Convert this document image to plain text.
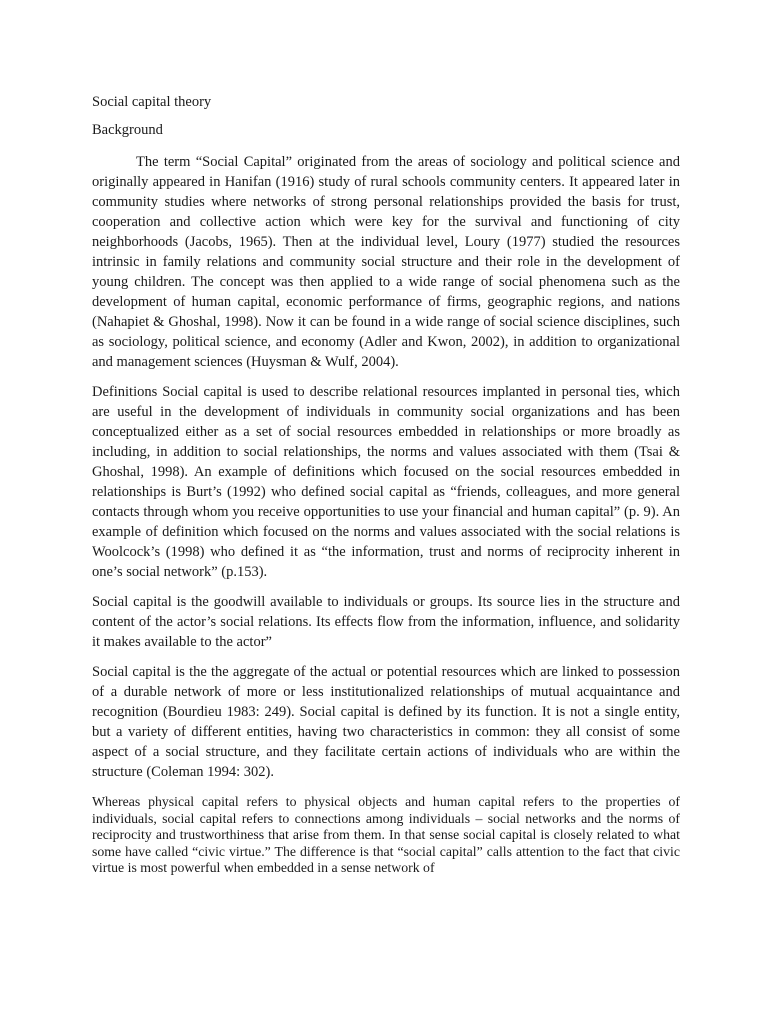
Social capital theory
Background

The term “Social Capital” originated from the areas of sociology and political science and originally appeared in Hanifan (1916) study of rural schools community centers. It appeared later in community studies where networks of strong personal relationships provided the basis for trust, cooperation and collective action which were key for the survival and functioning of city neighborhoods (Jacobs, 1965). Then at the individual level, Loury (1977) studied the resources intrinsic in family relations and community social structure and their role in the development of young children. The concept was then applied to a wide range of social phenomena such as the development of human capital, economic performance of firms, geographic regions, and nations (Nahapiet & Ghoshal, 1998). Now it can be found in a wide range of social science disciplines, such as sociology, political science, and economy (Adler and Kwon, 2002), in addition to organizational and management sciences (Huysman & Wulf, 2004).

Definitions Social capital is used to describe relational resources implanted in personal ties, which are useful in the development of individuals in community social organizations and has been conceptualized either as a set of social resources embedded in relationships or more broadly as including, in addition to social relationships, the norms and values associated with them (Tsai & Ghoshal, 1998). An example of definitions which focused on the social resources embedded in relationships is Burt’s (1992) who defined social capital as “friends, colleagues, and more general contacts through whom you receive opportunities to use your financial and human capital” (p. 9). An example of definition which focused on the norms and values associated with the social relations is Woolcock’s (1998) who defined it as “the information, trust and norms of reciprocity inherent in one’s social network” (p.153).

Social capital is the goodwill available to individuals or groups. Its source lies in the structure and content of the actor’s social relations. Its effects flow from the information, influence, and solidarity it makes available to the actor”

Social capital is the the aggregate of the actual or potential resources which are linked to possession of a durable network of more or less institutionalized relationships of mutual acquaintance and recognition (Bourdieu 1983: 249). Social capital is defined by its function. It is not a single entity, but a variety of different entities, having two characteristics in common: they all consist of some aspect of a social structure, and they facilitate certain actions of individuals who are within the structure (Coleman 1994: 302).

Whereas physical capital refers to physical objects and human capital refers to the properties of individuals, social capital refers to connections among individuals – social networks and the norms of reciprocity and trustworthiness that arise from them. In that sense social capital is closely related to what some have called “civic virtue.” The difference is that “social capital” calls attention to the fact that civic virtue is most powerful when embedded in a sense network of
